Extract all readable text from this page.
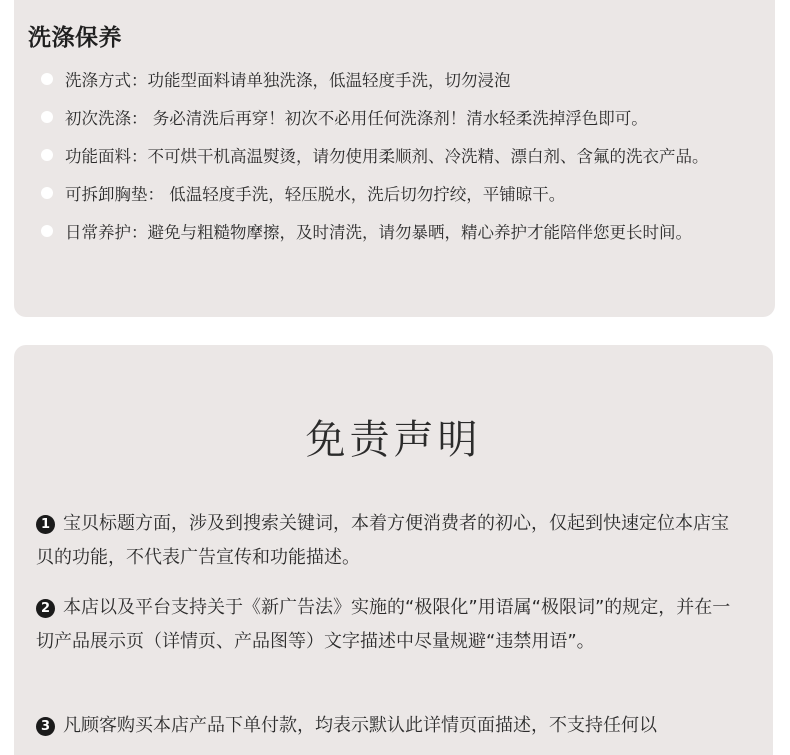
洗涤保养
洗涤方式： 功能型面料请单独洗涤，低温轻度手洗，切勿浸泡
初次洗涤： 务必清洗后再穿！初次不必用任何洗涤剂！清水轻柔洗掉浮色即可。
功能面料： 不可烘干机高温熨烫，请勿使用柔顺剂、冷洗精、漂白剂、含氟的洗衣产品。
可拆卸胸垫： 低温轻度手洗，轻压脱水，洗后切勿拧绞，平铺晾干。
日常养护： 避免与粗糙物摩擦，及时清洗，请勿暴晒，精心养护才能陪伴您更长时间。
免责声明

1 宝贝标题方面，涉及到搜索关键词，本着方便消费者的初心，仅起到快速定位本店宝贝的功能，不代表广告宣传和功能描述。

2 本店以及平台支持关于《新广告法》实施的“极限化”用语属“极限词”的规定，并在一切产品展示页（详情页、产品图等）文字描述中尽量规避“违禁用语”。

3 凡顾客购买本店产品下单付款，均表示默认此详情页面描述，不支持任何以
